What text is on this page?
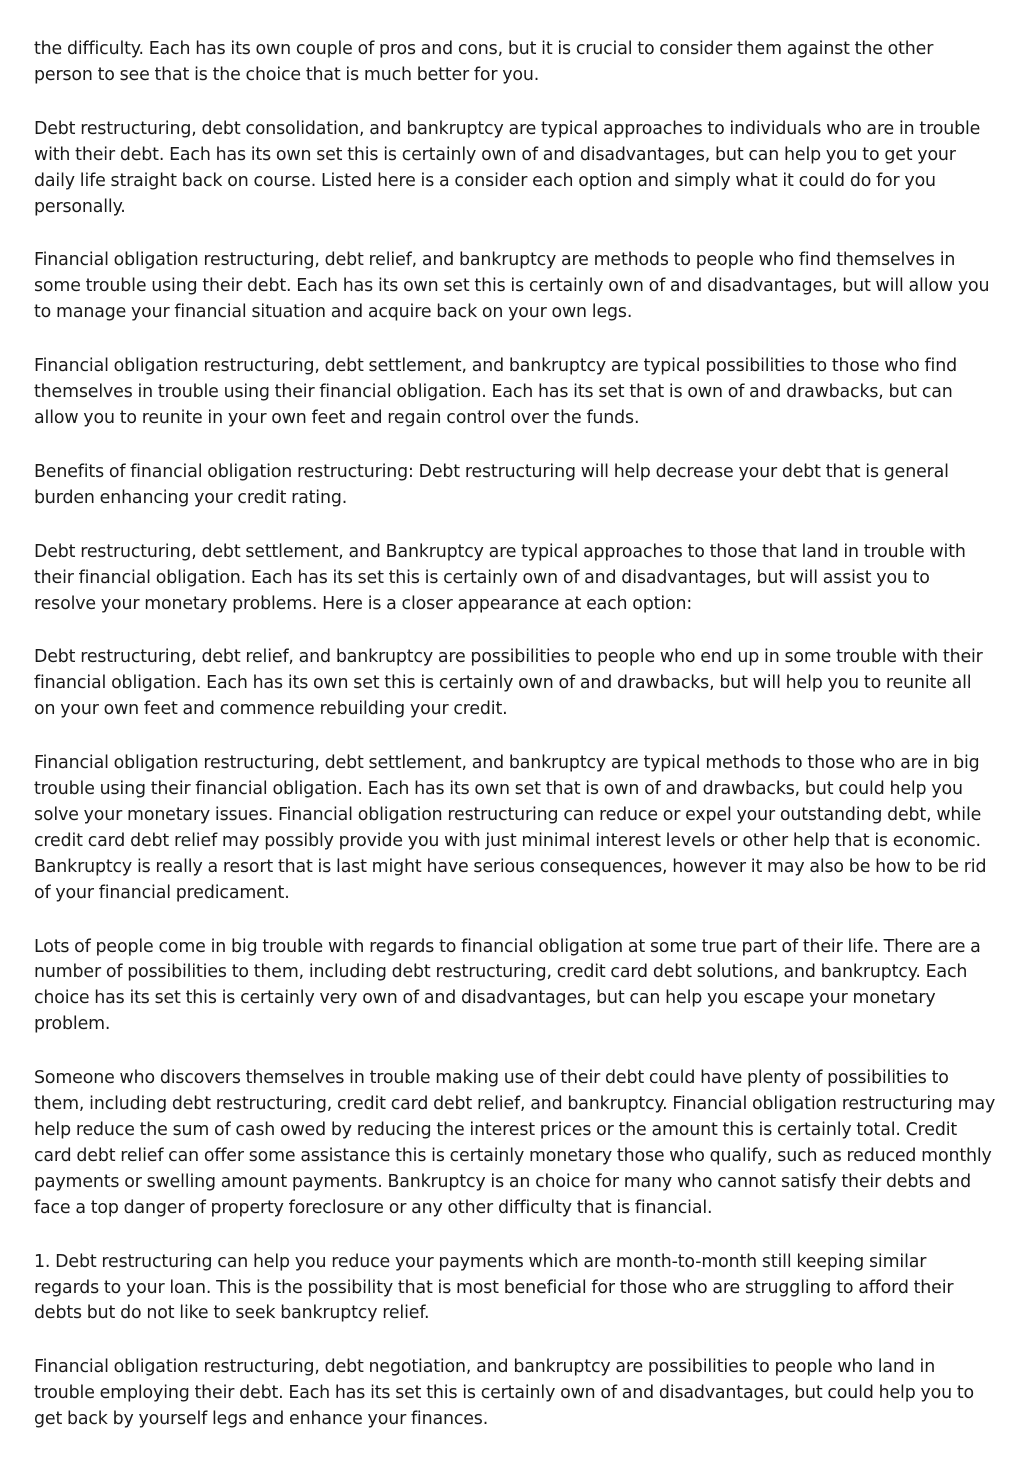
the difficulty. Each has its own couple of pros and cons, but it is crucial to consider them against the other person to see that is the choice that is much better for you.

Debt restructuring, debt consolidation, and bankruptcy are typical approaches to individuals who are in trouble with their debt. Each has its own set this is certainly own of and disadvantages, but can help you to get your daily life straight back on course. Listed here is a consider each option and simply what it could do for you personally.

Financial obligation restructuring, debt relief, and bankruptcy are methods to people who find themselves in some trouble using their debt. Each has its own set this is certainly own of and disadvantages, but will allow you to manage your financial situation and acquire back on your own legs.

Financial obligation restructuring, debt settlement, and bankruptcy are typical possibilities to those who find themselves in trouble using their financial obligation. Each has its set that is own of and drawbacks, but can allow you to reunite in your own feet and regain control over the funds.

Benefits of financial obligation restructuring: Debt restructuring will help decrease your debt that is general burden enhancing your credit rating.

Debt restructuring, debt settlement, and Bankruptcy are typical approaches to those that land in trouble with their financial obligation. Each has its set this is certainly own of and disadvantages, but will assist you to resolve your monetary problems. Here is a closer appearance at each option:

Debt restructuring, debt relief, and bankruptcy are possibilities to people who end up in some trouble with their financial obligation. Each has its own set this is certainly own of and drawbacks, but will help you to reunite all on your own feet and commence rebuilding your credit.

Financial obligation restructuring, debt settlement, and bankruptcy are typical methods to those who are in big trouble using their financial obligation. Each has its own set that is own of and drawbacks, but could help you solve your monetary issues. Financial obligation restructuring can reduce or expel your outstanding debt, while credit card debt relief may possibly provide you with just minimal interest levels or other help that is economic. Bankruptcy is really a resort that is last might have serious consequences, however it may also be how to be rid of your financial predicament.

Lots of people come in big trouble with regards to financial obligation at some true part of their life. There are a number of possibilities to them, including debt restructuring, credit card debt solutions, and bankruptcy. Each choice has its set this is certainly very own of and disadvantages, but can help you escape your monetary problem.

Someone who discovers themselves in trouble making use of their debt could have plenty of possibilities to them, including debt restructuring, credit card debt relief, and bankruptcy. Financial obligation restructuring may help reduce the sum of cash owed by reducing the interest prices or the amount this is certainly total. Credit card debt relief can offer some assistance this is certainly monetary those who qualify, such as reduced monthly payments or swelling amount payments. Bankruptcy is an choice for many who cannot satisfy their debts and face a top danger of property foreclosure or any other difficulty that is financial.

1. Debt restructuring can help you reduce your payments which are month-to-month still keeping similar regards to your loan. This is the possibility that is most beneficial for those who are struggling to afford their debts but do not like to seek bankruptcy relief.

Financial obligation restructuring, debt negotiation, and bankruptcy are possibilities to people who land in trouble employing their debt. Each has its set this is certainly own of and disadvantages, but could help you to get back by yourself legs and enhance your finances.
